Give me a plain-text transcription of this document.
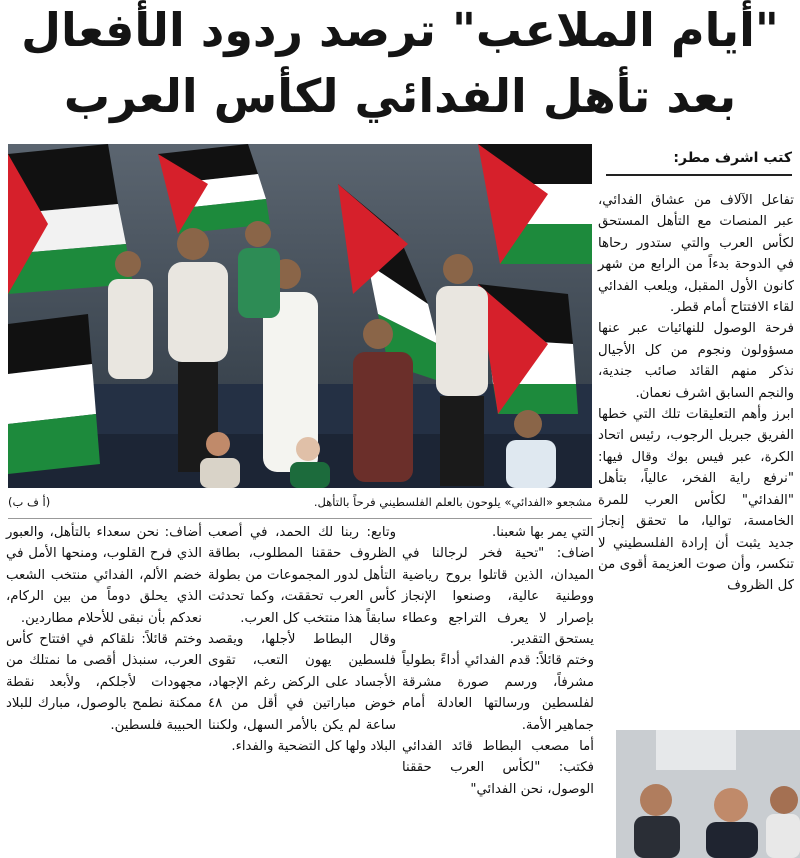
"أيام الملاعب" ترصد ردود الأفعال
بعد تأهل الفدائي لكأس العرب
كتب اشرف مطر:
مشجعو «الفدائي» يلوحون بالعلم الفلسطيني فرحاً بالتأهل.
(أ ف ب)

تفاعل الآلاف من عشاق الفدائي، عبر المنصات مع التأهل المستحق لكأس العرب والتي ستدور رحاها في الدوحة بدءاً من الرابع من شهر كانون الأول المقبل، ويلعب الفدائي لقاء الافتتاح أمام قطر.

فرحة الوصول للنهائيات عبر عنها مسؤولون ونجوم من كل الأجيال نذكر منهم القائد صائب جندية، والنجم السابق اشرف نعمان.

ابرز وأهم التعليقات تلك التي خطها الفريق جبريل الرجوب، رئيس اتحاد الكرة، عبر فيس بوك وقال فيها: "نرفع راية الفخر، عالياً، بتأهل "الفدائي" لكأس العرب للمرة الخامسة، تواليا، ما تحقق إنجاز جديد يثبت أن إرادة الفلسطيني لا تنكسر، وأن صوت العزيمة أقوى من كل الظروف

التي يمر بها شعبنا.

اضاف: "تحية فخر لرجالنا في الميدان، الذين قاتلوا بروح رياضية ووطنية عالية، وصنعوا الإنجاز بإصرار لا يعرف التراجع وعطاء يستحق التقدير.

وختم قائلاً: قدم الفدائي أداءً بطولياً مشرفاً، ورسم صورة مشرقة لفلسطين ورسالتها العادلة أمام جماهير الأمة.

أما مصعب البطاط قائد الفدائي فكتب: "لكأس العرب حققنا الوصول، نحن الفدائي"

وتابع: ربنا لك الحمد، في أصعب الظروف حققنا المطلوب، بطاقة التأهل لدور المجموعات من بطولة كأس العرب تحققت، وكما تحدثت سابقاً هذا منتخب كل العرب.

وقال البطاط لأجلها، ويقصد فلسطين يهون التعب، تقوى الأجساد على الركض رغم الإجهاد، خوض مباراتين في أقل من ٤٨ ساعة لم يكن بالأمر السهل، ولكننا البلاد ولها كل التضحية والفداء.

أضاف: نحن سعداء بالتأهل، والعبور الذي فرح القلوب، ومنحها الأمل في خضم الألم، الفدائي منتخب الشعب الذي يحلق دوماً من بين الركام، نعدكم بأن نبقى للأحلام مطاردين.

وختم قائلاً: نلقاكم في افتتاح كأس العرب، سنبذل أقصى ما نمتلك من مجهودات لأجلكم، ولأبعد نقطة ممكنة نطمح بالوصول، مبارك للبلاد الحبيبة فلسطين.
